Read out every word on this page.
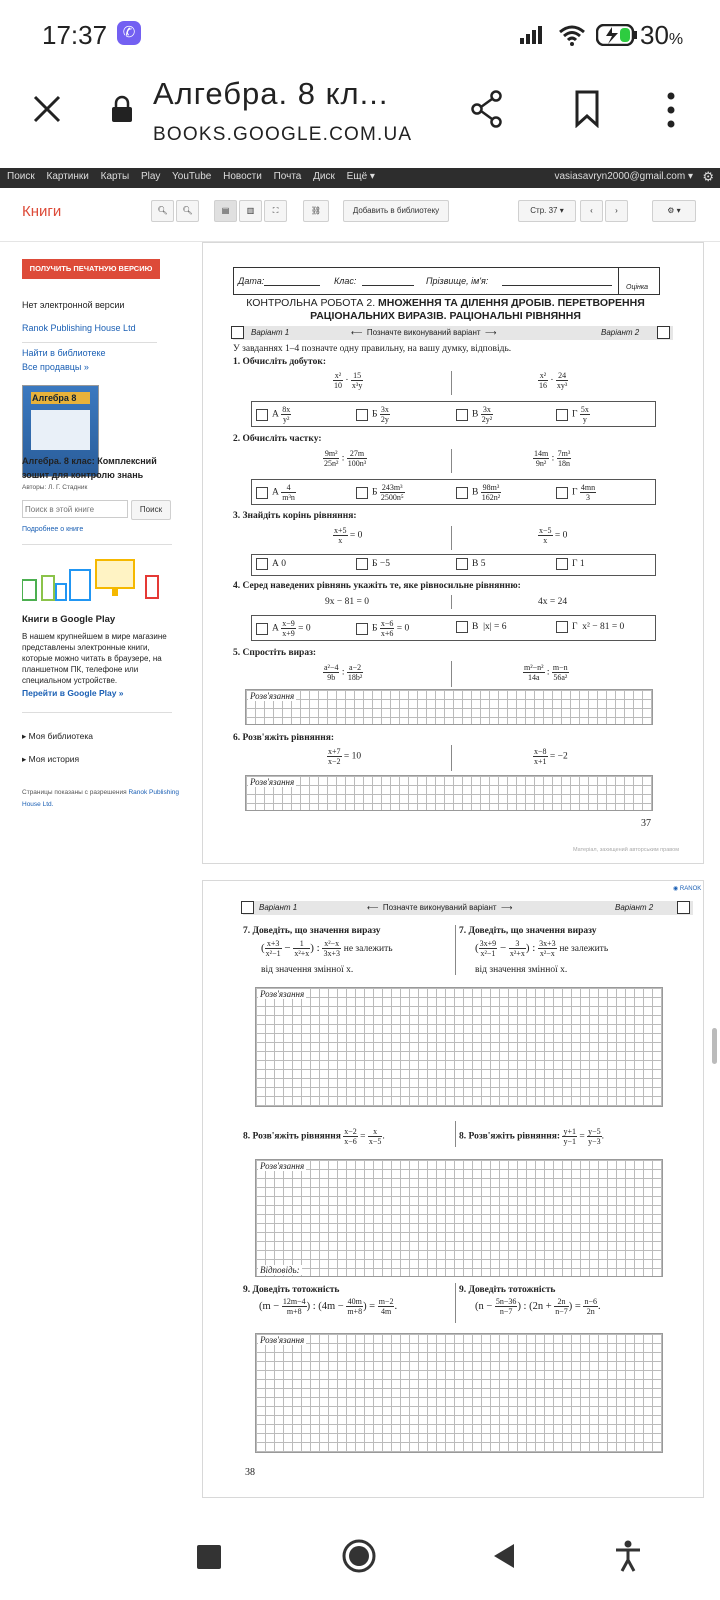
17:37	✆	30%
Алгебра. 8 кл...
BOOKS.GOOGLE.COM.UA
Поиск Картинки Карты Play YouTube Новости Почта Диск Ещё ▾	vasiasavryn2000@gmail.com ▾ ⚙
Книги	🔍︎	🔍︎	▤	▥	⛶	⛓	Добавить в библиотеку	Стр. 37 ▾	‹	›	⚙ ▾
ПОЛУЧИТЬ ПЕЧАТНУЮ ВЕРСИЮ
Нет электронной версии
Ranok Publishing House Ltd
Найти в библиотеке
Все продавцы »
Алгебра 8
Алгебра. 8 клас: Комплексний зошит для контролю знань
Авторы: Л. Г. Стадник
Поиск в этой книге
Поиск
Подробнее о книге
Книги в Google Play
В нашем крупнейшем в мире магазине представлены электронные книги, которые можно читать в браузере, на планшетном ПК, телефоне или специальном устройстве.
Перейти в Google Play »
▸ Моя библиотека
▸ Моя история
Страницы показаны с разрешения Ranok Publishing House Ltd.
Дата:	Клас:	Прізвище, ім'я:
Оцінка
КОНТРОЛЬНА РОБОТА 2. МНОЖЕННЯ ТА ДІЛЕННЯ ДРОБІВ. ПЕРЕТВОРЕННЯ РАЦІОНАЛЬНИХ ВИРАЗІВ. РАЦІОНАЛЬНІ РІВНЯННЯ
Варіант 1	⟵  Позначте виконуваний варіант  ⟶	Варіант 2
У завданнях 1–4 позначте одну правильну, на вашу думку, відповідь.
1. Обчисліть добуток:
$\frac{\text{x²}}{10} \cdot \frac{15}{\text{x³y}}$	$\frac{\text{x²}}{16} \cdot \frac{24}{\text{xy³}}$
А $\frac{8x}{\text{y²}}$	Б $\frac{3x}{2y}$	В $\frac{3x}{\text{2y²}}$	Г $\frac{5x}{y}$
2. Обчисліть частку:
$\frac{\text{9m²}}{\text{25n²}}$ : $\frac{27m}{\text{100n³}}$	$\frac{14m}{\text{9n²}}$ : $\frac{\text{7m³}}{18n}$
А $\frac{4}{\text{m³n}}$	Б $\frac{\text{243m³}}{\text{2500n⁵}}$	В $\frac{\text{98m³}}{\text{162n²}}$	Г $\frac{4mn}{3}$
3. Знайдіть корінь рівняння:
$\frac{x+5}{x} = 0$	$\frac{x-5}{x} = 0$
А 0	Б −5	В 5	Г 1
4. Серед наведених рівнянь укажіть те, яке рівносильне рівнянню:
9x − 81 = 0	4x = 24
А $\frac{x-9}{x+9} = 0$	Б $\frac{x-6}{x+6} = 0$	В  |x| = 6	Г  x² − 81 = 0
5. Спростіть вираз:
$\frac{\text{a²−4}}{9b}$ : $\frac{a-2}{\text{18b²}}$	$\frac{\text{m²−n²}}{14a}$ : $\frac{m-n}{\text{56a²}}$
Розв'язання
6. Розв'яжіть рівняння:
$\frac{x+7}{x-2} = 10$	$\frac{x-8}{x+1} = -2$
Розв'язання
37
Матеріал, захищений авторським правом
◉ RANOK
Варіант 1	⟵  Позначте виконуваний варіант  ⟶	Варіант 2
7. Доведіть, що значення виразу
( $\frac{x+3}{\text{x²−1}} - \frac{1}{\text{x²+x}}$ ) : $\frac{\text{x²−x}}{3x+3}$ не залежить
від значення змінної x.
7. Доведіть, що значення виразу
( $\frac{3x+9}{\text{x²−1}} - \frac{3}{\text{x²+x}}$ ) : $\frac{3x+3}{\text{x²−x}}$ не залежить
від значення змінної x.
Розв'язання
8. Розв'яжіть рівняння $\frac{x-2}{x-6} = \frac{x}{x-5}$ .	8. Розв'яжіть рівняння: $\frac{y+1}{y-1} = \frac{y-5}{y-3}$ .
Розв'язання
Відповідь:
9. Доведіть тотожність
($m - \frac{12m-4}{m+8}$ ) : ($4m - \frac{40m}{m+8}$ ) = $\frac{m-2}{4m}$ .
9. Доведіть тотожність
($n - \frac{5n-36}{n-7}$ ) : ($2n + \frac{2n}{n-7}$ ) = $\frac{n-6}{2n}$ .
Розв'язання
38
